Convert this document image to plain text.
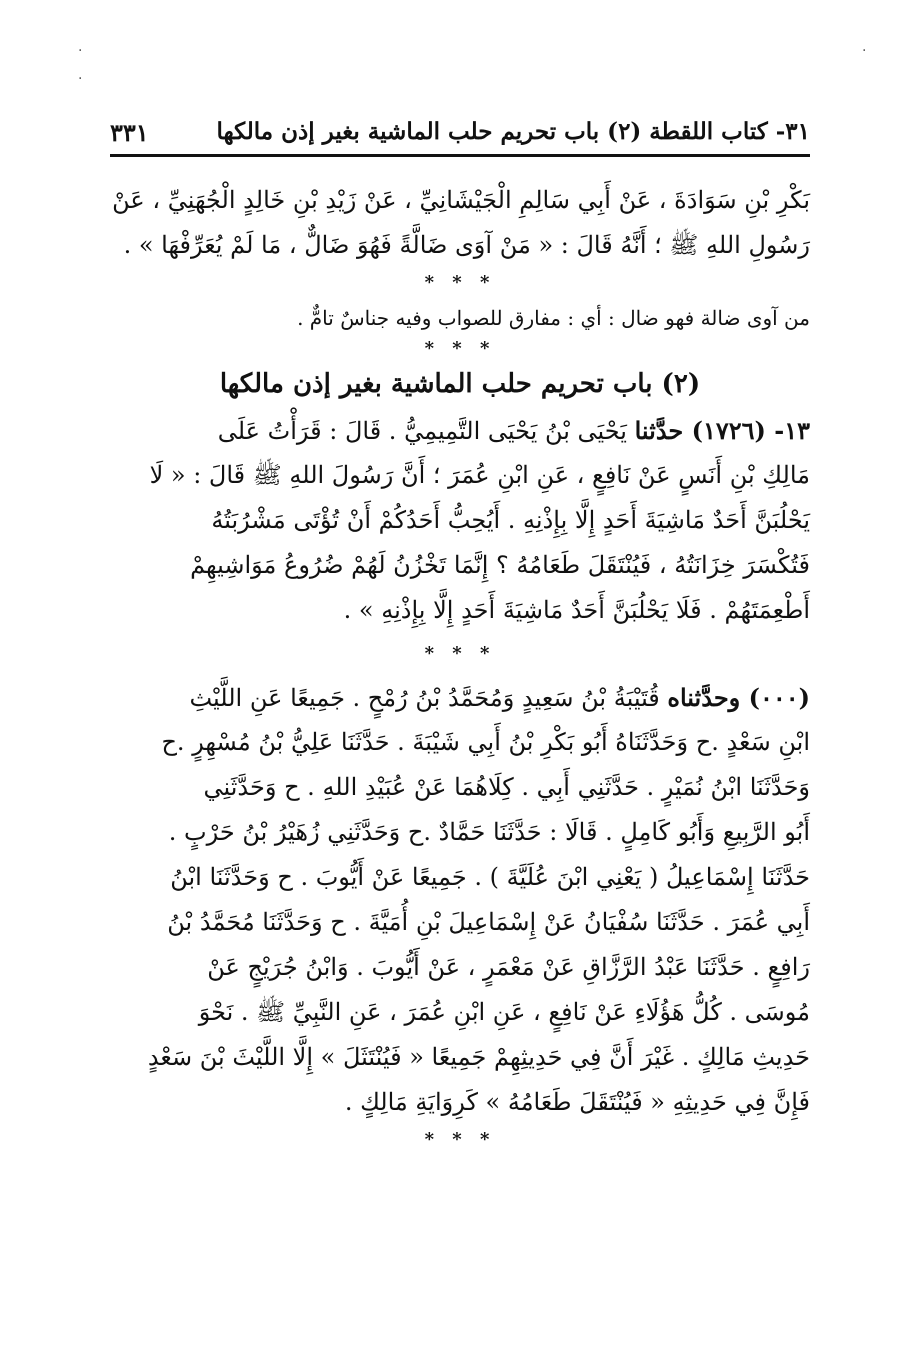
.
.
.
٣١- كتاب اللقطة (٢) باب تحريم حلب الماشية بغير إذن مالكها
٣٣١
بَكْرِ بْنِ سَوَادَةَ ، عَنْ أَبِي سَالِمِ الْجَيْشَانِيِّ ، عَنْ زَيْدِ بْنِ خَالِدٍ الْجُهَنِيِّ ، عَنْ
رَسُولِ اللهِ ﷺ ؛ أَنَّهُ قَالَ : « مَنْ آوَى ضَالَّةً فَهُوَ ضَالٌّ ، مَا لَمْ يُعَرِّفْهَا » .
* * *
من آوى ضالة فهو ضال : أي : مفارق للصواب وفيه جناسٌ تامٌّ .
* * *
(٢) باب تحريم حلب الماشية بغير إذن مالكها
١٣- (١٧٢٦) حدَّثنا يَحْيَى بْنُ يَحْيَى التَّمِيمِيُّ . قَالَ : قَرَأْتُ عَلَى
مَالِكِ بْنِ أَنَسٍ عَنْ نَافِعٍ ، عَنِ ابْنِ عُمَرَ ؛ أَنَّ رَسُولَ اللهِ ﷺ قَالَ : « لَا
يَحْلُبَنَّ أَحَدٌ مَاشِيَةَ أَحَدٍ إِلَّا بِإِذْنِهِ . أَيُحِبُّ أَحَدُكُمْ أَنْ تُؤْتَى مَشْرُبَتُهُ
فَتُكْسَرَ خِزَانَتُهُ ، فَيُنْتَقَلَ طَعَامُهُ ؟ إِنَّمَا تَخْزُنُ لَهُمْ ضُرُوعُ مَوَاشِيهِمْ
أَطْعِمَتَهُمْ . فَلَا يَحْلُبَنَّ أَحَدٌ مَاشِيَةَ أَحَدٍ إِلَّا بِإِذْنِهِ » .
* * *
(٠٠٠) وحدَّثناه قُتَيْبَةُ بْنُ سَعِيدٍ وَمُحَمَّدُ بْنُ رُمْحٍ . جَمِيعًا عَنِ اللَّيْثِ
ابْنِ سَعْدٍ .ح وَحَدَّثَنَاهُ أَبُو بَكْرِ بْنُ أَبِي شَيْبَةَ . حَدَّثَنَا عَلِيُّ بْنُ مُسْهِرٍ .ح
وَحَدَّثَنَا ابْنُ نُمَيْرٍ . حَدَّثَنِي أَبِي . كِلَاهُمَا عَنْ عُبَيْدِ اللهِ . ح وَحَدَّثَنِي
أَبُو الرَّبِيعِ وَأَبُو كَامِلٍ . قَالَا : حَدَّثَنَا حَمَّادٌ .ح وَحَدَّثَنِي زُهَيْرُ بْنُ حَرْبٍ .
حَدَّثَنَا إِسْمَاعِيلُ ( يَعْنِي ابْنَ عُلَيَّةَ ) . جَمِيعًا عَنْ أَيُّوبَ . ح وَحَدَّثَنَا ابْنُ
أَبِي عُمَرَ . حَدَّثَنَا سُفْيَانُ عَنْ إِسْمَاعِيلَ بْنِ أُمَيَّةَ . ح وَحَدَّثَنَا مُحَمَّدُ بْنُ
رَافِعٍ . حَدَّثَنَا عَبْدُ الرَّزَّاقِ عَنْ مَعْمَرٍ ، عَنْ أَيُّوبَ . وَابْنُ جُرَيْجٍ عَنْ
مُوسَى . كُلُّ هَؤُلَاءِ عَنْ نَافِعٍ ، عَنِ ابْنِ عُمَرَ ، عَنِ النَّبِيِّ ﷺ . نَحْوَ
حَدِيثِ مَالِكٍ . غَيْرَ أَنَّ فِي حَدِيثِهِمْ جَمِيعًا « فَيُنْتَثَلَ » إِلَّا اللَّيْثَ بْنَ سَعْدٍ
فَإِنَّ فِي حَدِيثِهِ « فَيُنْتَقَلَ طَعَامُهُ » كَرِوَايَةِ مَالِكٍ .
* * *
